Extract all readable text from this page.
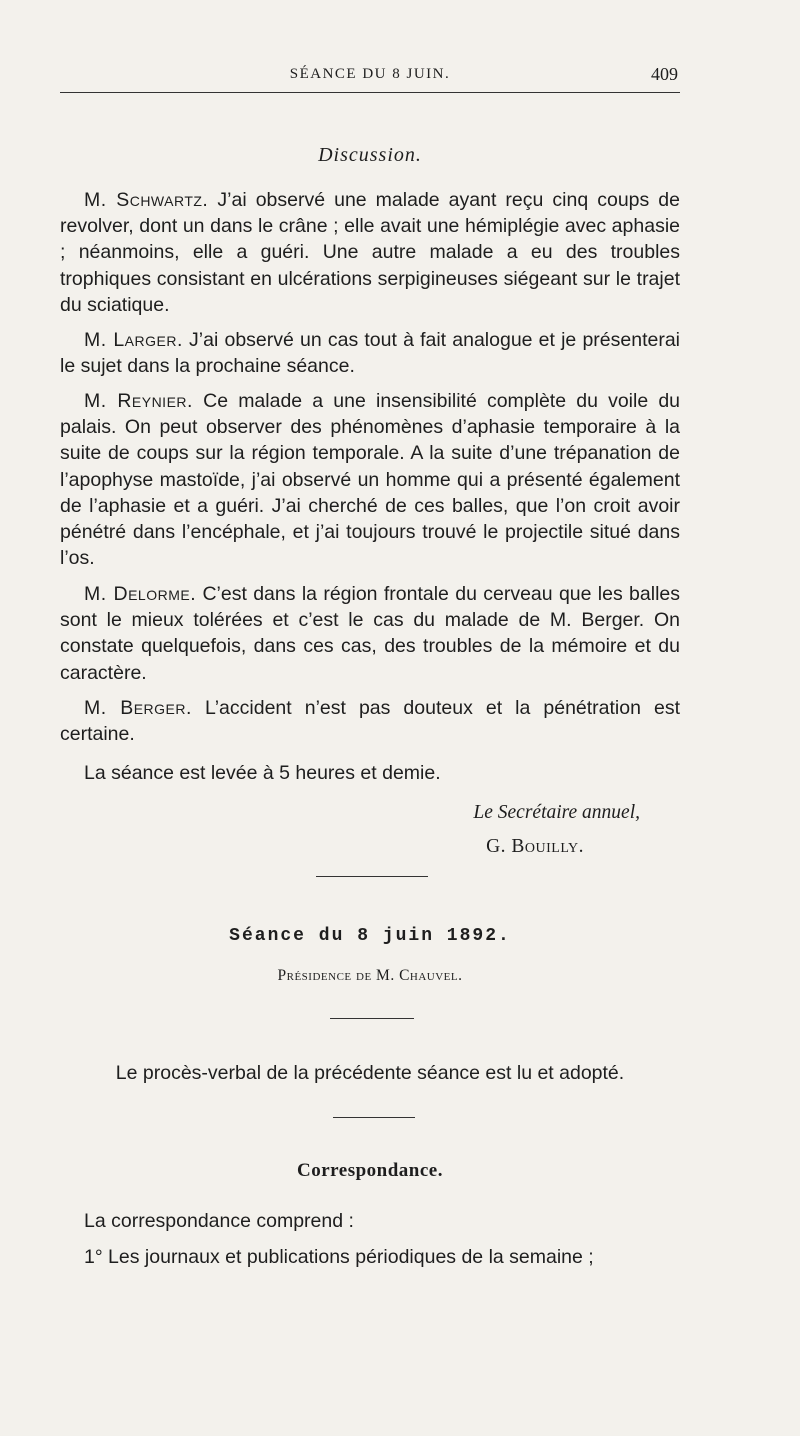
SÉANCE DU 8 JUIN.	409
Discussion.

M. Schwartz. J’ai observé une malade ayant reçu cinq coups de revolver, dont un dans le crâne ; elle avait une hémiplégie avec aphasie ; néanmoins, elle a guéri. Une autre malade a eu des troubles trophiques consistant en ulcérations serpigineuses siégeant sur le trajet du sciatique.

M. Larger. J’ai observé un cas tout à fait analogue et je présenterai le sujet dans la prochaine séance.

M. Reynier. Ce malade a une insensibilité complète du voile du palais. On peut observer des phénomènes d’aphasie temporaire à la suite de coups sur la région temporale. A la suite d’une trépanation de l’apophyse mastoïde, j’ai observé un homme qui a présenté également de l’aphasie et a guéri. J’ai cherché de ces balles, que l’on croit avoir pénétré dans l’encéphale, et j’ai toujours trouvé le projectile situé dans l’os.

M. Delorme. C’est dans la région frontale du cerveau que les balles sont le mieux tolérées et c’est le cas du malade de M. Berger. On constate quelquefois, dans ces cas, des troubles de la mémoire et du caractère.

M. Berger. L’accident n’est pas douteux et la pénétration est certaine.

La séance est levée à 5 heures et demie.

Le Secrétaire annuel,
G. Bouilly.
Séance du 8 juin 1892.
Présidence de M. Chauvel.
Le procès-verbal de la précédente séance est lu et adopté.
Correspondance.

La correspondance comprend :

1° Les journaux et publications périodiques de la semaine ;
